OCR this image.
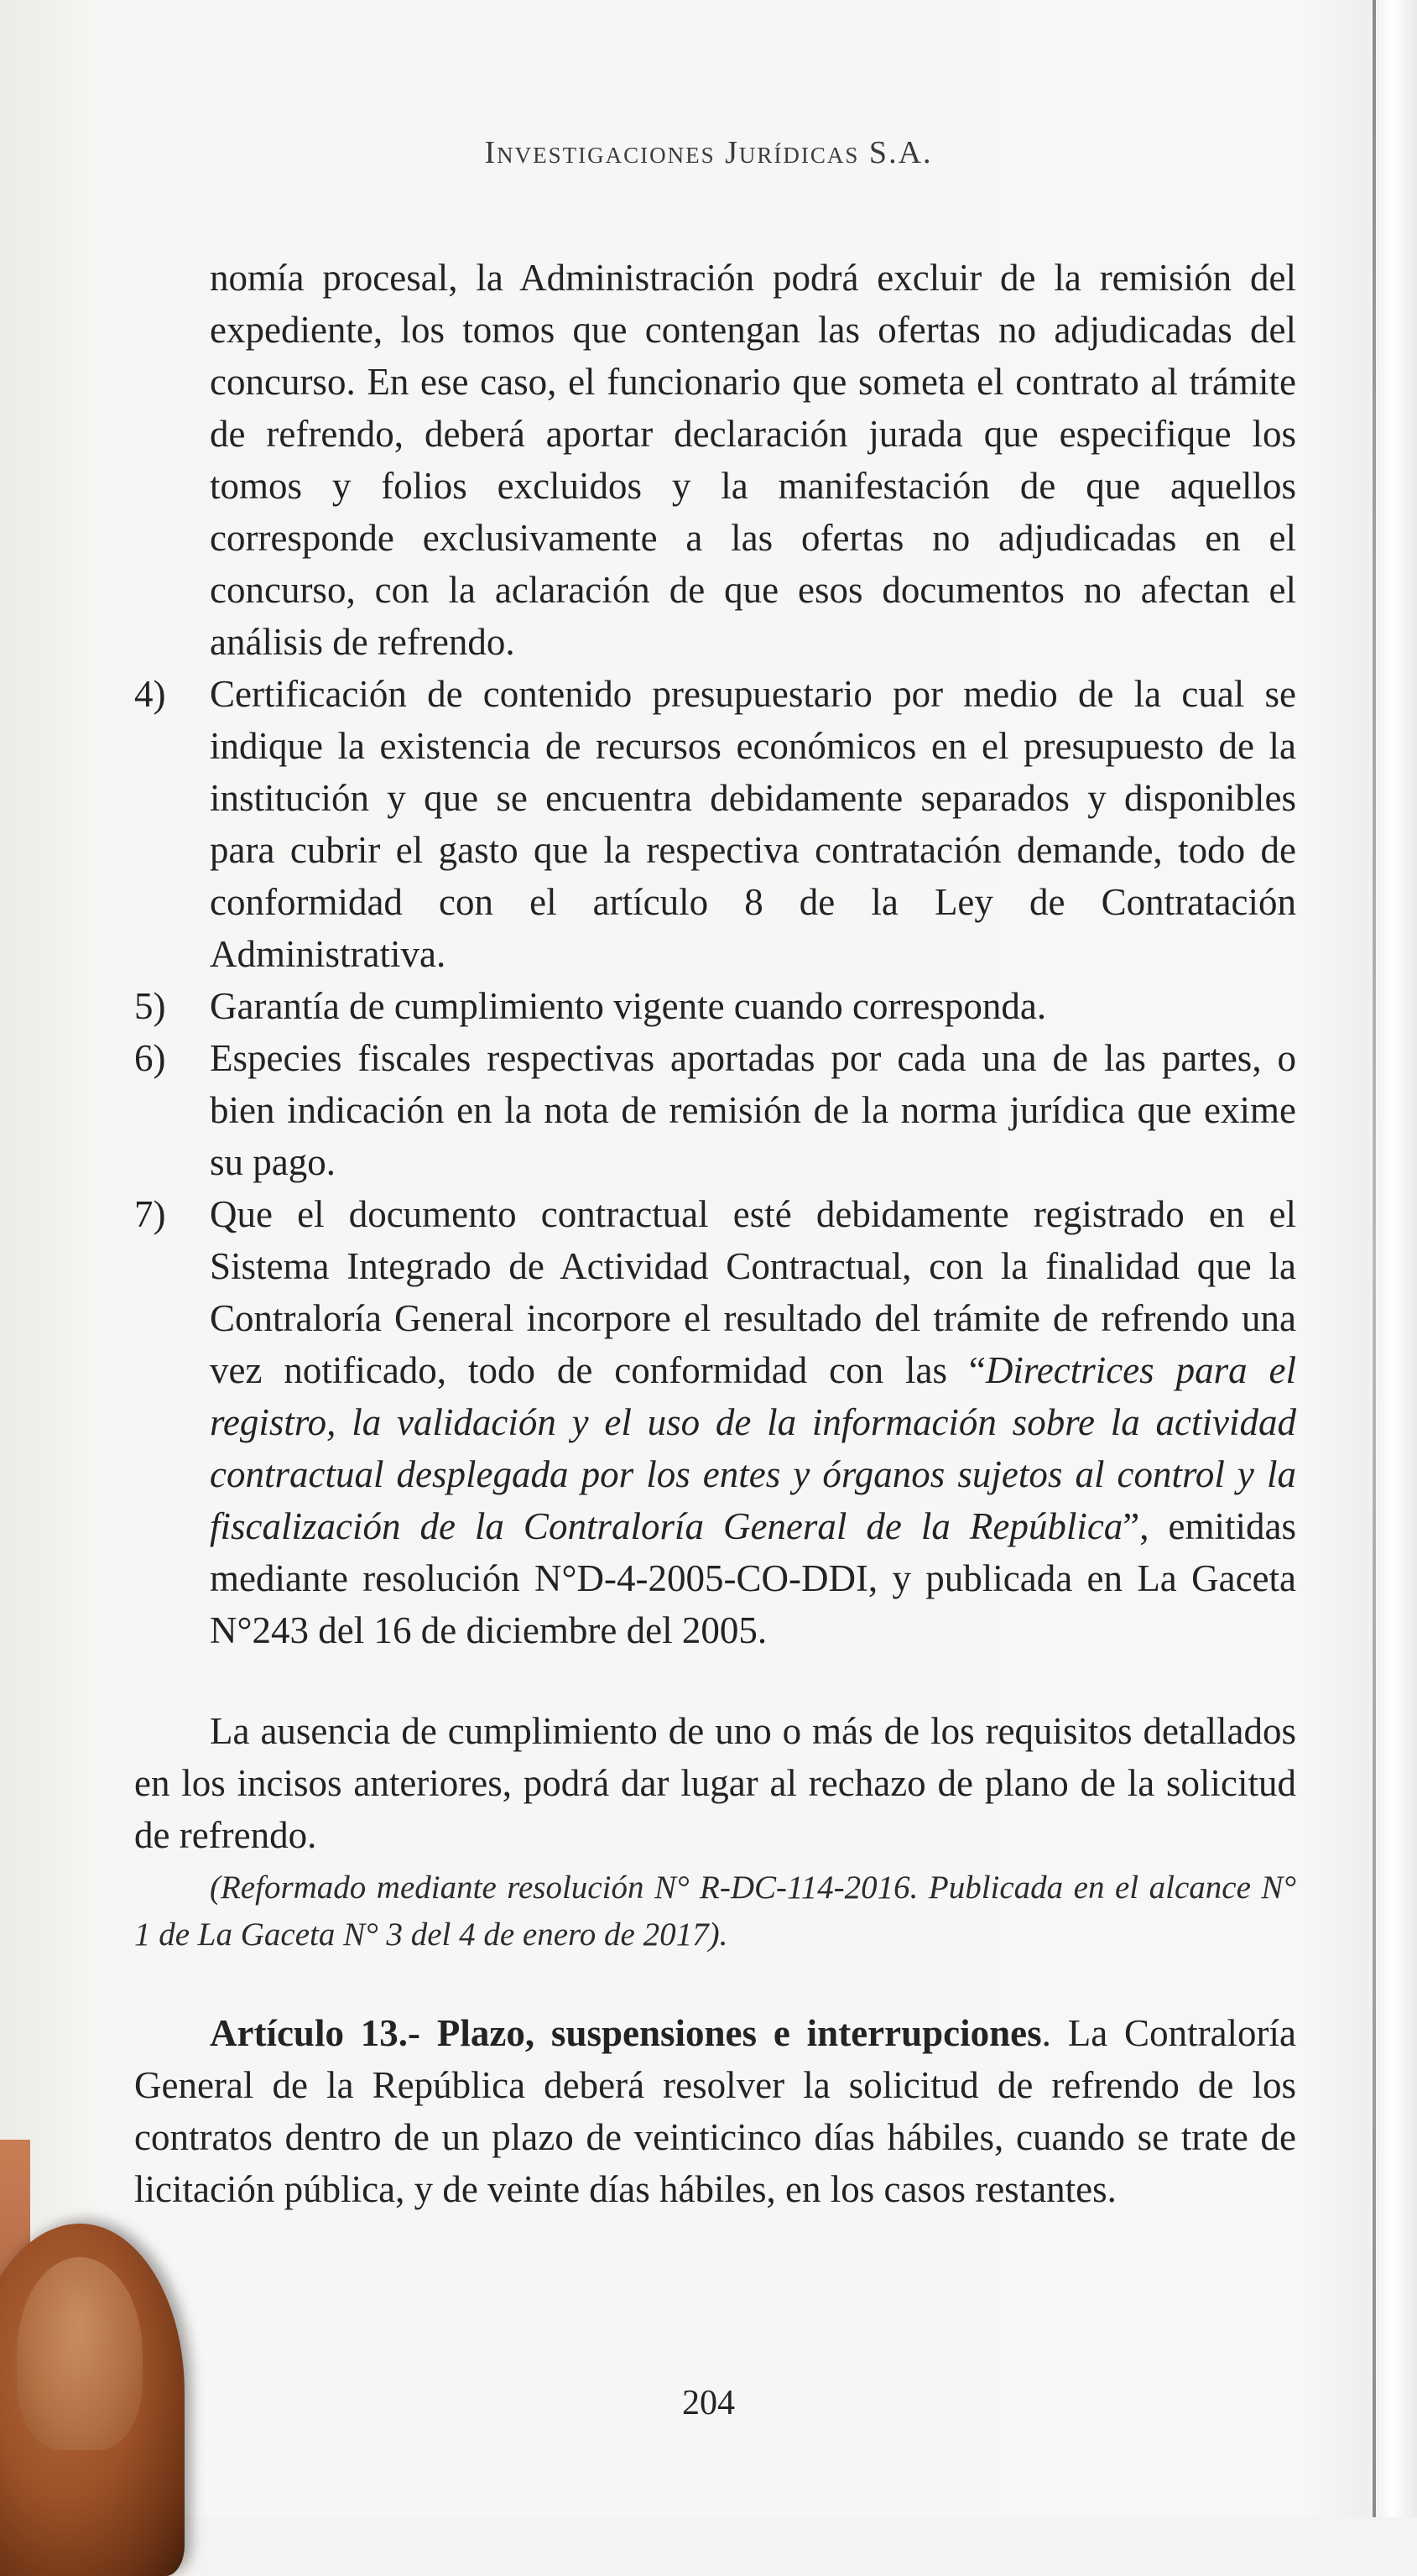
Investigaciones Jurídicas S.A.

nomía procesal, la Administración podrá excluir de la remisión del expediente, los tomos que contengan las ofertas no adjudicadas del concurso. En ese caso, el funcionario que someta el contrato al trámite de refrendo, deberá aportar declaración jurada que especifique los tomos y folios excluidos y la manifestación de que aquellos corresponde exclusivamente a las ofertas no adjudicadas en el concurso, con la aclaración de que esos documentos no afectan el análisis de refrendo.

4)	Certificación de contenido presupuestario por medio de la cual se indique la existencia de recursos económicos en el presupuesto de la institución y que se encuentra debidamente separados y disponibles para cubrir el gasto que la respectiva contratación demande, todo de conformidad con el artículo 8 de la Ley de Contratación Administrativa.
5)	Garantía de cumplimiento vigente cuando corresponda.
6)	Especies fiscales respectivas aportadas por cada una de las partes, o bien indicación en la nota de remisión de la norma jurídica que exime su pago.
7)	Que el documento contractual esté debidamente registrado en el Sistema Integrado de Actividad Contractual, con la finalidad que la Contraloría General incorpore el resultado del trámite de refrendo una vez notificado, todo de conformidad con las “Directrices para el registro, la validación y el uso de la información sobre la actividad contractual desplegada por los entes y órganos sujetos al control y la fiscalización de la Contraloría General de la República”, emitidas mediante resolución N°D-4-2005-CO-DDI, y publicada en La Gaceta N°243 del 16 de diciembre del 2005.

La ausencia de cumplimiento de uno o más de los requisitos detallados en los incisos anteriores, podrá dar lugar al rechazo de plano de la solicitud de refrendo.

(Reformado mediante resolución N° R-DC-114-2016. Publicada en el alcance N° 1 de La Gaceta N° 3 del 4 de enero de 2017).

Artículo 13.- Plazo, suspensiones e interrupciones. La Contraloría General de la República deberá resolver la solicitud de refrendo de los contratos dentro de un plazo de veinticinco días hábiles, cuando se trate de licitación pública, y de veinte días hábiles, en los casos restantes.

204
